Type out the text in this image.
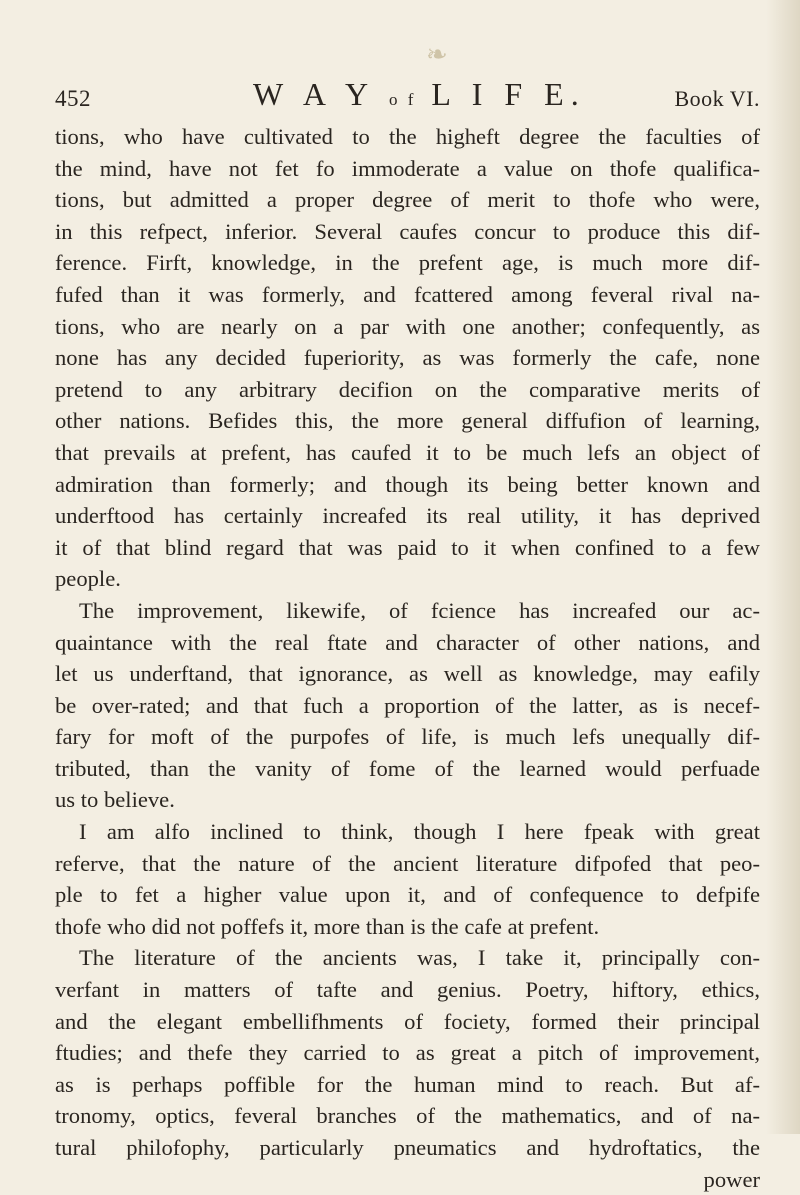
❧
452	W A Y o f L I F E.	Book VI.
tions, who have cultivated to the higheft degree the faculties of
the mind, have not fet fo immoderate a value on thofe qualifica-
tions, but admitted a proper degree of merit to thofe who were,
in this refpect, inferior. Several caufes concur to produce this dif-
ference. Firft, knowledge, in the prefent age, is much more dif-
fufed than it was formerly, and fcattered among feveral rival na-
tions, who are nearly on a par with one another; confequently, as
none has any decided fuperiority, as was formerly the cafe, none
pretend to any arbitrary decifion on the comparative merits of
other nations. Befides this, the more general diffufion of learning,
that prevails at prefent, has caufed it to be much lefs an object of
admiration than formerly; and though its being better known and
underftood has certainly increafed its real utility, it has deprived
it of that blind regard that was paid to it when confined to a few
people.
The improvement, likewife, of fcience has increafed our ac-
quaintance with the real ftate and character of other nations, and
let us underftand, that ignorance, as well as knowledge, may eafily
be over-rated; and that fuch a proportion of the latter, as is necef-
fary for moft of the purpofes of life, is much lefs unequally dif-
tributed, than the vanity of fome of the learned would perfuade
us to believe.
I am alfo inclined to think, though I here fpeak with great
referve, that the nature of the ancient literature difpofed that peo-
ple to fet a higher value upon it, and of confequence to defpife
thofe who did not poffefs it, more than is the cafe at prefent.
The literature of the ancients was, I take it, principally con-
verfant in matters of tafte and genius. Poetry, hiftory, ethics,
and the elegant embellifhments of fociety, formed their principal
ftudies; and thefe they carried to as great a pitch of improvement,
as is perhaps poffible for the human mind to reach. But af-
tronomy, optics, feveral branches of the mathematics, and of na-
tural philofophy, particularly pneumatics and hydroftatics, the
power
